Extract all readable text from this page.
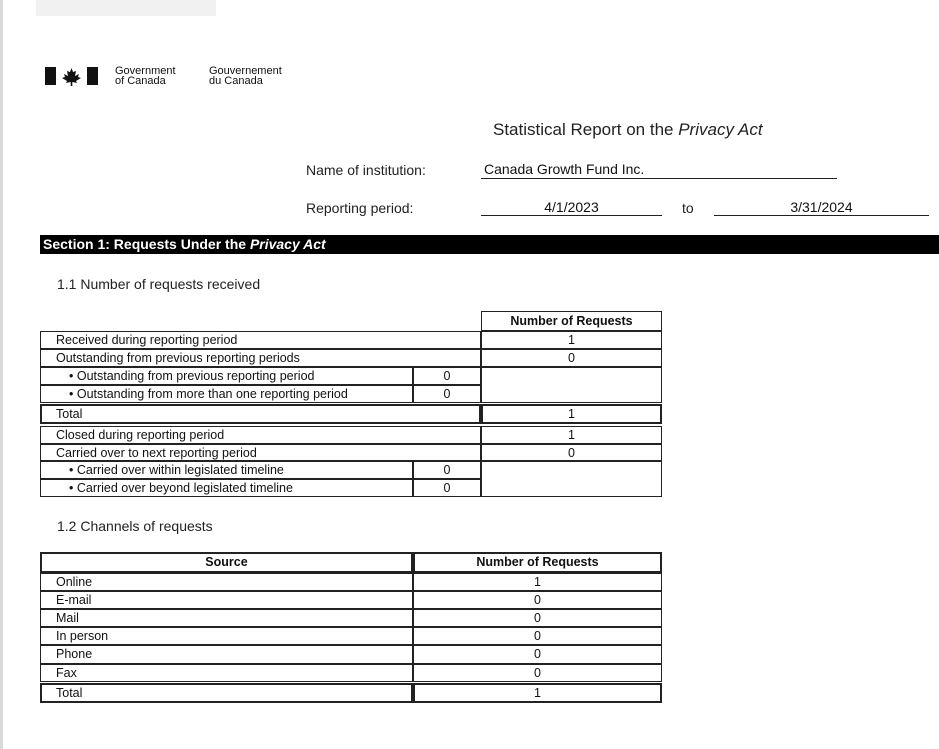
Government
of Canada
Gouvernement
du Canada
Statistical Report on the Privacy Act
Name of institution:	Canada Growth Fund Inc.
Reporting period:	4/1/2023	to	3/31/2024
Section 1: Requests Under the Privacy Act
1.1 Number of requests received
Number of Requests
Received during reporting period	1
Outstanding from previous reporting periods	0
• Outstanding from previous reporting period	0
• Outstanding from more than one reporting period	0
Total	1
Closed during reporting period	1
Carried over to next reporting period	0
• Carried over within legislated timeline	0
• Carried over beyond legislated timeline	0
1.2 Channels of requests
Source	Number of Requests
Online	1
E-mail	0
Mail	0
In person	0
Phone	0
Fax	0
Total	1
